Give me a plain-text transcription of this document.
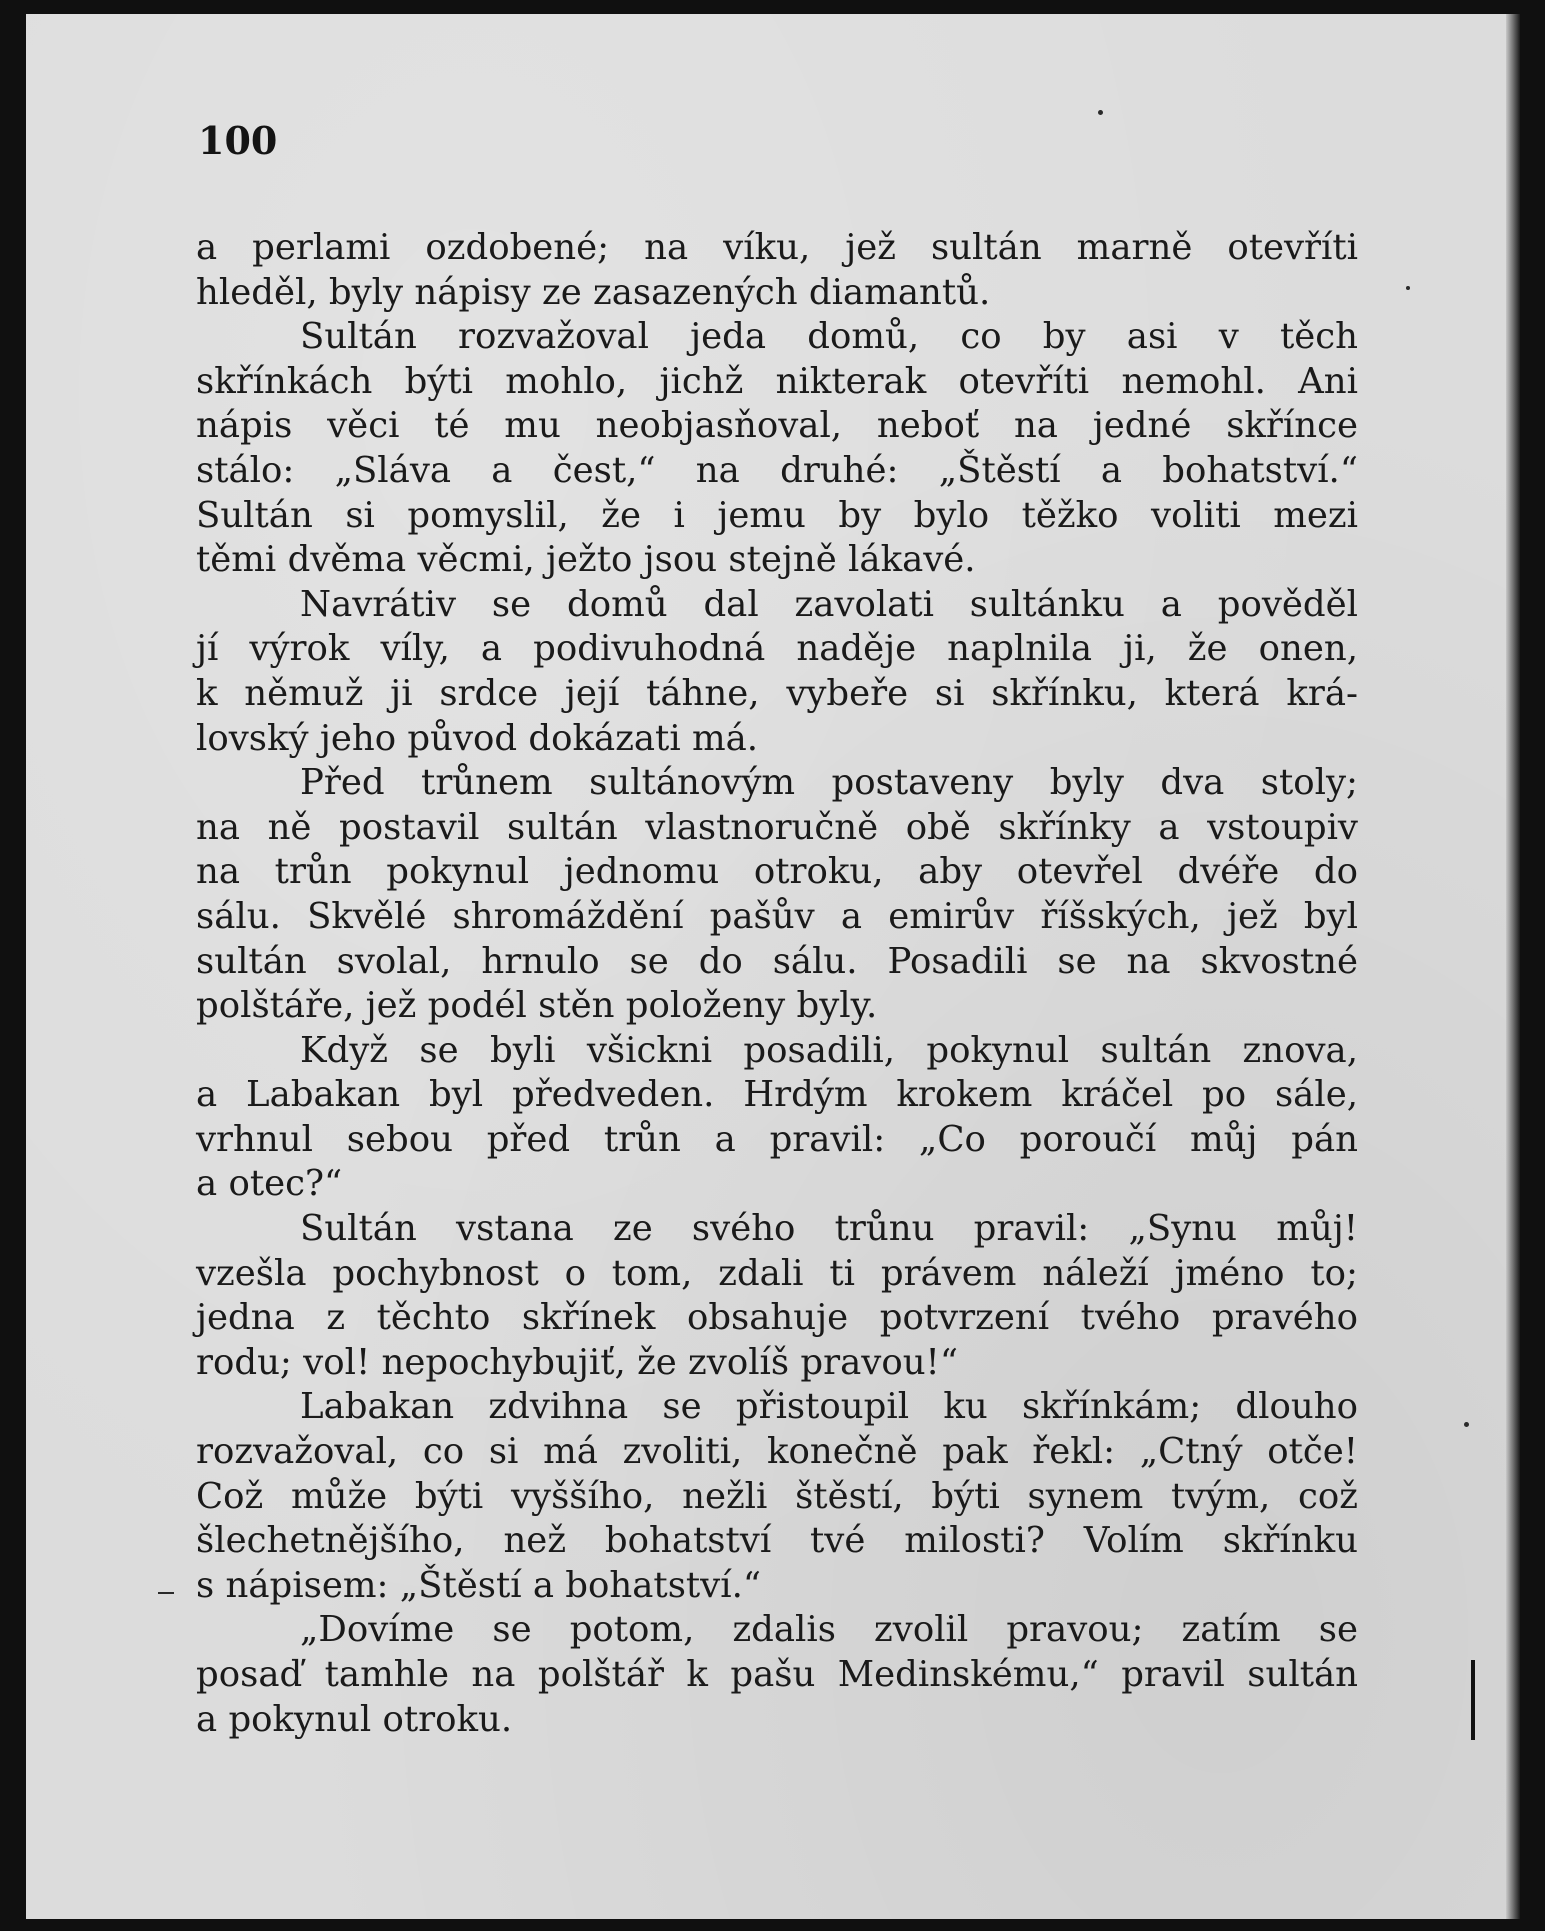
100
a perlami ozdobené; na víku, jež sultán marně otevříti
hleděl, byly nápisy ze zasazených diamantů.
Sultán rozvažoval jeda domů, co by asi v těch
skřínkách býti mohlo, jichž nikterak otevříti nemohl. Ani
nápis věci té mu neobjasňoval, neboť na jedné skřínce
stálo: „Sláva a čest,“ na druhé: „Štěstí a bohatství.“
Sultán si pomyslil, že i jemu by bylo těžko voliti mezi
těmi dvěma věcmi, ježto jsou stejně lákavé.
Navrátiv se domů dal zavolati sultánku a pověděl
jí výrok víly, a podivuhodná naděje naplnila ji, že onen,
k němuž ji srdce její táhne, vybeře si skřínku, která krá-
lovský jeho původ dokázati má.
Před trůnem sultánovým postaveny byly dva stoly;
na ně postavil sultán vlastnoručně obě skřínky a vstoupiv
na trůn pokynul jednomu otroku, aby otevřel dvéře do
sálu. Skvělé shromáždění pašův a emirův říšských, jež byl
sultán svolal, hrnulo se do sálu. Posadili se na skvostné
polštáře, jež podél stěn položeny byly.
Když se byli všickni posadili, pokynul sultán znova,
a Labakan byl předveden. Hrdým krokem kráčel po sále,
vrhnul sebou před trůn a pravil: „Co poroučí můj pán
a otec?“
Sultán vstana ze svého trůnu pravil: „Synu můj!
vzešla pochybnost o tom, zdali ti právem náleží jméno to;
jedna z těchto skřínek obsahuje potvrzení tvého pravého
rodu; vol! nepochybujiť, že zvolíš pravou!“
Labakan zdvihna se přistoupil ku skřínkám; dlouho
rozvažoval, co si má zvoliti, konečně pak řekl: „Ctný otče!
Což může býti vyššího, nežli štěstí, býti synem tvým, což
šlechetnějšího, než bohatství tvé milosti? Volím skřínku
s nápisem: „Štěstí a bohatství.“
„Dovíme se potom, zdalis zvolil pravou; zatím se
posaď tamhle na polštář k pašu Medinskému,“ pravil sultán
a pokynul otroku.
